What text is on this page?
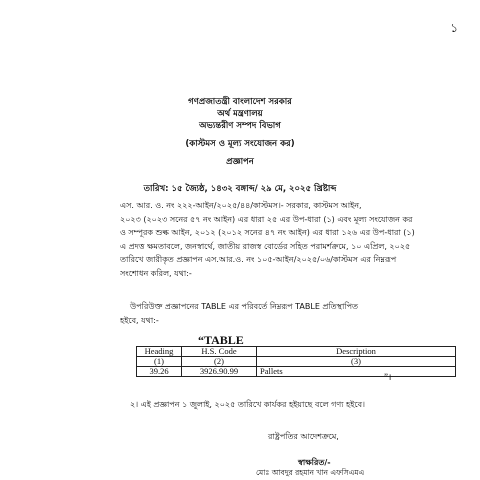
১
গণপ্রজাতন্ত্রী বাংলাদেশ সরকার
অর্থ মন্ত্রণালয়
অভ্যন্তরীণ সম্পদ বিভাগ
(কাস্টমস ও মূল্য সংযোজন কর)
প্রজ্ঞাপন
তারিখ: ১৫ জ্যৈষ্ঠ, ১৪৩২ বঙ্গাব্দ/ ২৯ মে, ২০২৫ খ্রিষ্টাব্দ
এস. আর. ও. নং ২২২-আইন/২০২৫/৪৪/কাস্টমস।- সরকার, কাস্টমস আইন,
২০২৩ (২০২৩ সনের ৫৭ নং আইন) এর ধারা ২৫ এর উপ-ধারা (১) এবং মূল্য সংযোজন কর
ও সম্পূরক শুল্ক আইন, ২০১২ (২০১২ সনের ৪৭ নং আইন) এর ধারা ১২৬ এর উপ-ধারা (১)
এ প্রদত্ত ক্ষমতাবলে, জনস্বার্থে, জাতীয় রাজস্ব বোর্ডের সহিত পরামর্শক্রমে, ১০ এপ্রিল, ২০২৫
তারিখে জারীকৃত প্রজ্ঞাপন এস.আর.ও. নং ১০৫-আইন/২০২৫/০৬/কাস্টমস এর নিম্নরূপ
সংশোধন করিল, যথা:-
উপরিউক্ত প্রজ্ঞাপনের TABLE এর পরিবর্তে নিম্নরূপ TABLE প্রতিস্থাপিত
হইবে, যথা:-
“TABLE
Heading	H.S. Code	Description
(1)	(2)	(3)
39.26	3926.90.99	Pallets
”।
২। এই প্রজ্ঞাপন ১ জুলাই, ২০২৫ তারিখে কার্যকর হইয়াছে বলে গণ্য হইবে।
রাষ্ট্রপতির আদেশক্রমে,
স্বাক্ষরিত/-
মোঃ আবদুর রহমান খান এফসিএমএ
